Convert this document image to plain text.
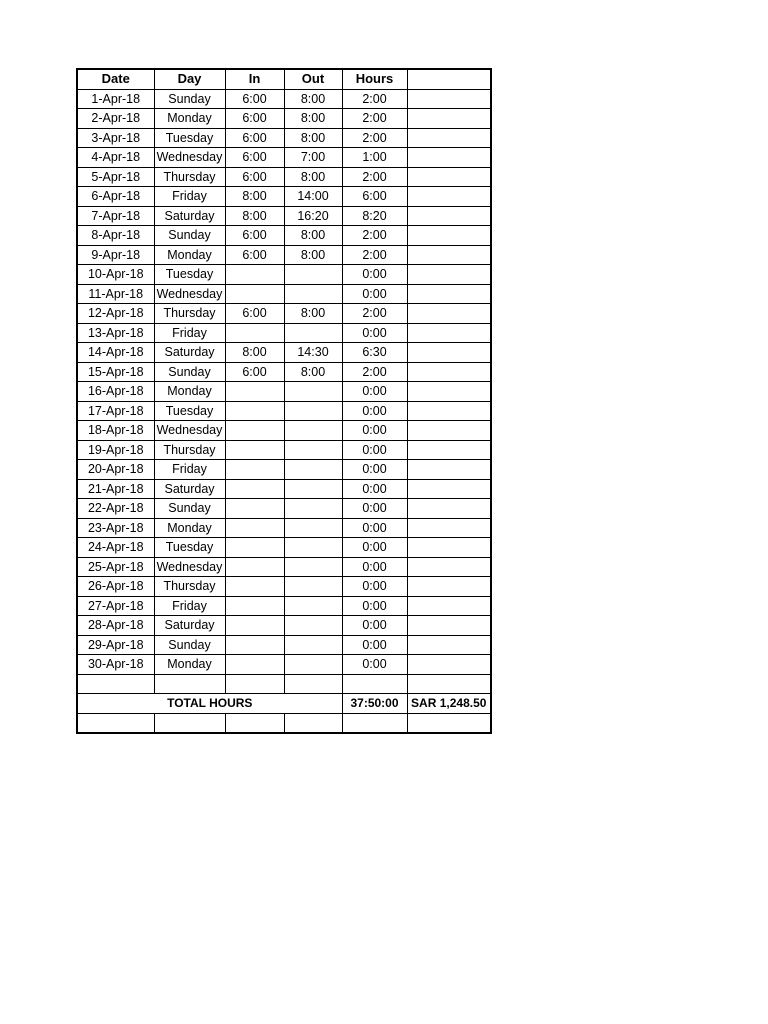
Date	Day	In	Out	Hours	
1-Apr-18	Sunday	6:00	8:00	2:00	
2-Apr-18	Monday	6:00	8:00	2:00	
3-Apr-18	Tuesday	6:00	8:00	2:00	
4-Apr-18	Wednesday	6:00	7:00	1:00	
5-Apr-18	Thursday	6:00	8:00	2:00	
6-Apr-18	Friday	8:00	14:00	6:00	
7-Apr-18	Saturday	8:00	16:20	8:20	
8-Apr-18	Sunday	6:00	8:00	2:00	
9-Apr-18	Monday	6:00	8:00	2:00	
10-Apr-18	Tuesday			0:00	
11-Apr-18	Wednesday			0:00	
12-Apr-18	Thursday	6:00	8:00	2:00	
13-Apr-18	Friday			0:00	
14-Apr-18	Saturday	8:00	14:30	6:30	
15-Apr-18	Sunday	6:00	8:00	2:00	
16-Apr-18	Monday			0:00	
17-Apr-18	Tuesday			0:00	
18-Apr-18	Wednesday			0:00	
19-Apr-18	Thursday			0:00	
20-Apr-18	Friday			0:00	
21-Apr-18	Saturday			0:00	
22-Apr-18	Sunday			0:00	
23-Apr-18	Monday			0:00	
24-Apr-18	Tuesday			0:00	
25-Apr-18	Wednesday			0:00	
26-Apr-18	Thursday			0:00	
27-Apr-18	Friday			0:00	
28-Apr-18	Saturday			0:00	
29-Apr-18	Sunday			0:00	
30-Apr-18	Monday			0:00	

TOTAL HOURS				37:50:00	SAR 1,248.50
